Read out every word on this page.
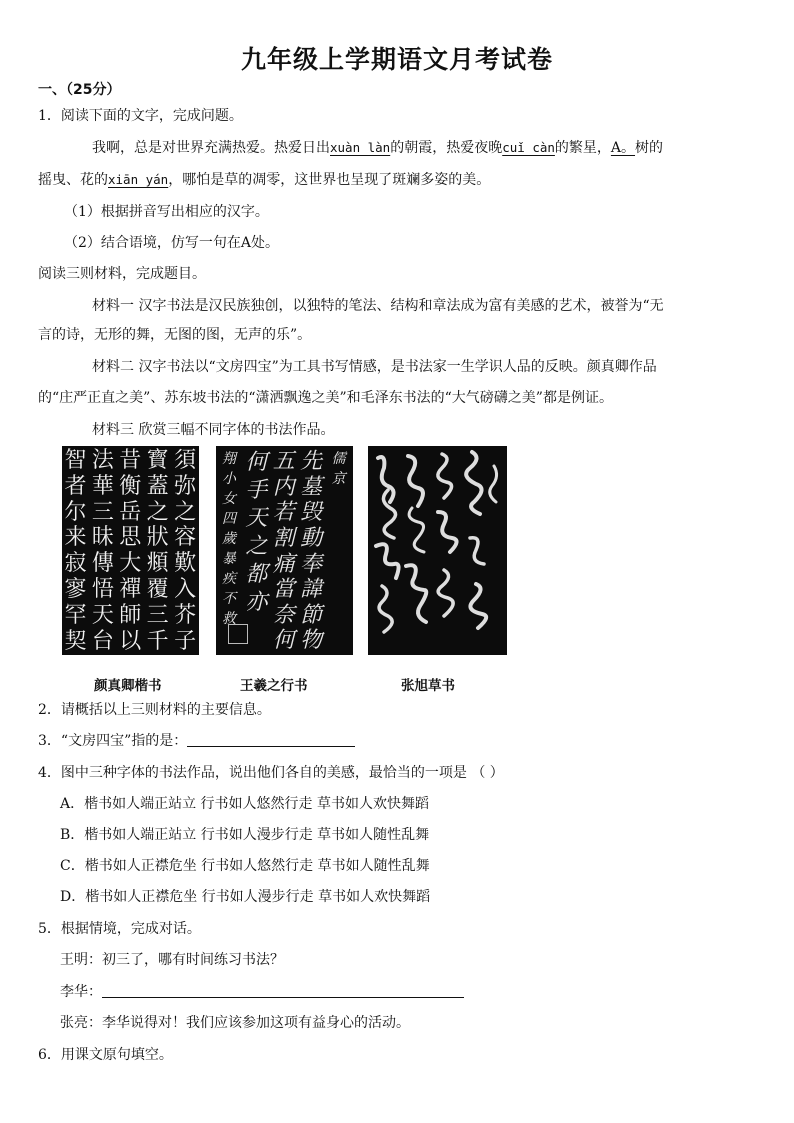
九年级上学期语文月考试卷
一、（25分）
1．阅读下面的文字，完成问题。
我啊，总是对世界充满热爱。热爱日出xuàn làn的朝霞，热爱夜晚cuǐ càn的繁星，A。树的
摇曳、花的xiān yán，哪怕是草的凋零，这世界也呈现了斑斓多姿的美。
（1）根据拼音写出相应的汉字。
（2）结合语境，仿写一句在A处。
阅读三则材料，完成题目。
材料一 汉字书法是汉民族独创，以独特的笔法、结构和章法成为富有美感的艺术，被誉为“无
言的诗，无形的舞，无图的图，无声的乐”。
材料二 汉字书法以“文房四宝”为工具书写情感，是书法家一生学识人品的反映。颜真卿作品
的“庄严正直之美”、苏东坡书法的“潇洒飘逸之美”和毛泽东书法的“大气磅礴之美”都是例证。
材料三 欣赏三幅不同字体的书法作品。
須
弥
之
容
歎
入
芥
子
寳
蓋
之
狀
頫
覆
三
千
昔
衡
岳
思
大
禪
師
以
法
華
三
昧
傳
悟
天
台
智
者
尔
来
寂
寥
罕
契
儒
京
先
墓
毁
動
奉
諱
節
物
五
内
若
割
痛
當
奈
何
何
手
天
之
都
亦
翔
小
女
四
歲
暴
疾
不
救
颜真卿楷书	王羲之行书	张旭草书
2．请概括以上三则材料的主要信息。
3．“文房四宝”指的是：
4．图中三种字体的书法作品，说出他们各自的美感，最恰当的一项是 （ ）
A．楷书如人端正站立 行书如人悠然行走 草书如人欢快舞蹈
B．楷书如人端正站立 行书如人漫步行走 草书如人随性乱舞
C．楷书如人正襟危坐 行书如人悠然行走 草书如人随性乱舞
D．楷书如人正襟危坐 行书如人漫步行走 草书如人欢快舞蹈
5．根据情境，完成对话。
王明：初三了，哪有时间练习书法？
李华：
张亮：李华说得对！我们应该参加这项有益身心的活动。
6．用课文原句填空。
